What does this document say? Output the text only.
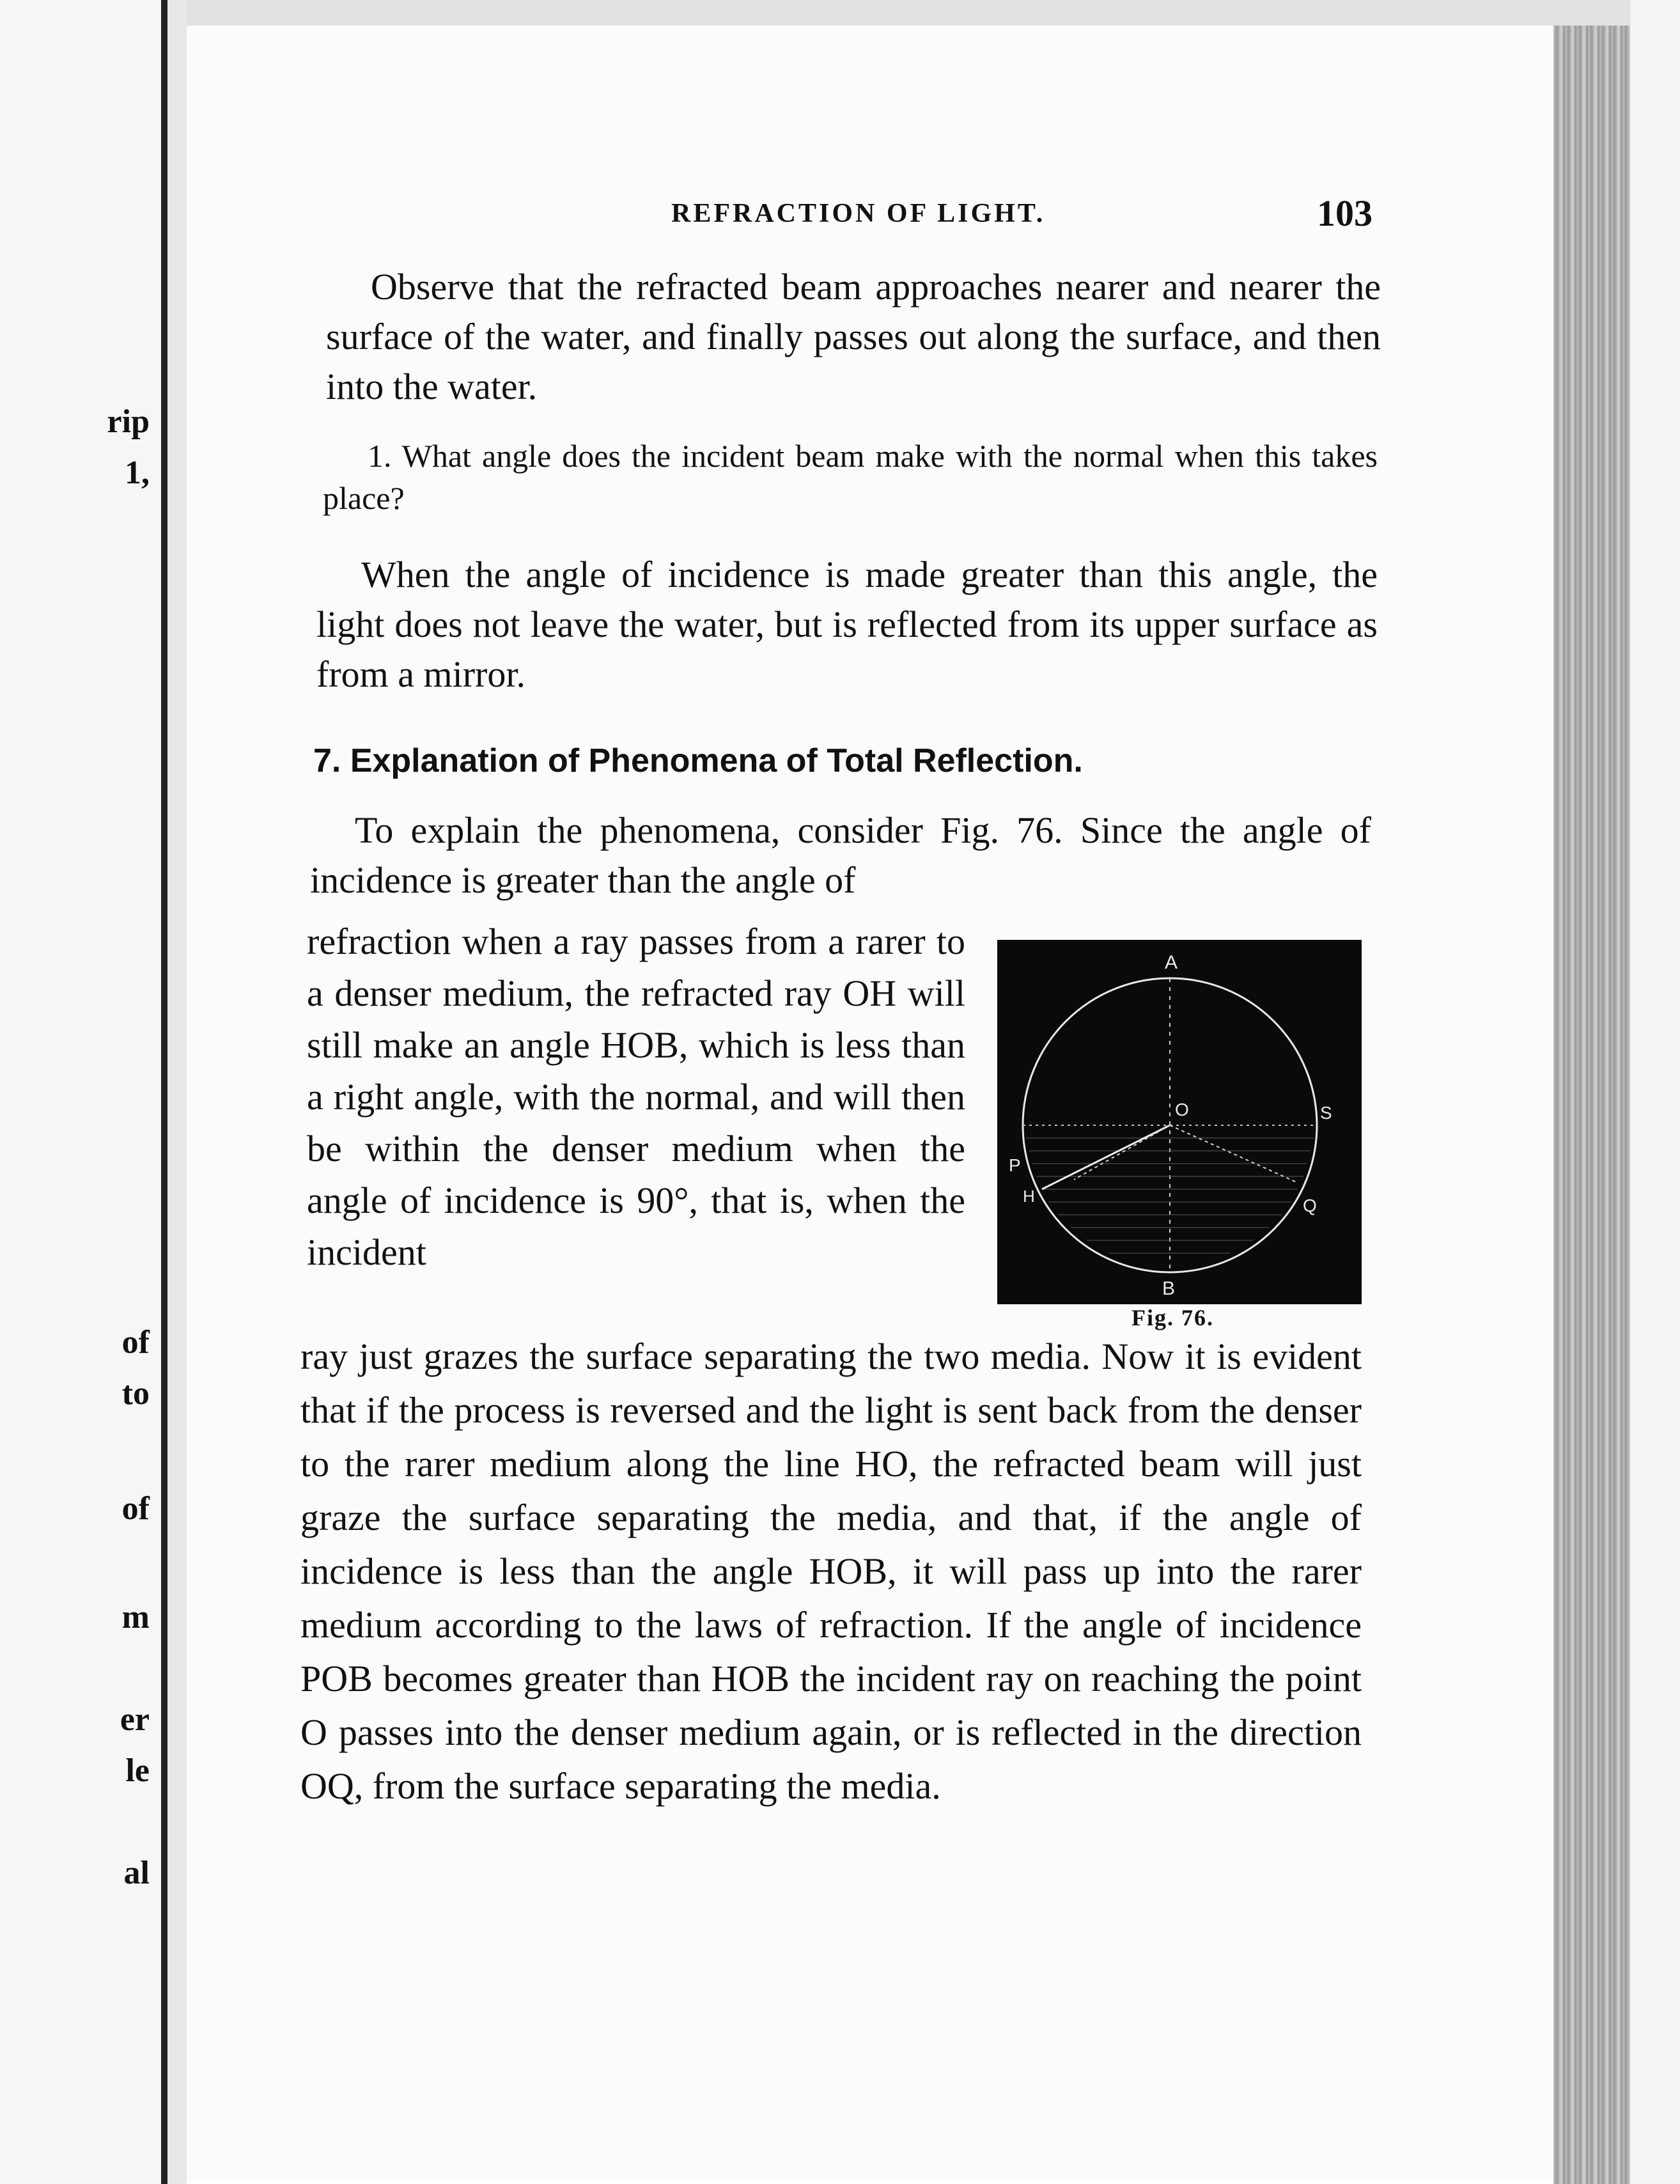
rip
1,
of
to
of
m
er
le
al
REFRACTION OF LIGHT.	103
Observe that the refracted beam approaches nearer and nearer the surface of the water, and finally passes out along the surface, and then into the water.
1. What angle does the incident beam make with the normal when this takes place?
When the angle of incidence is made greater than this angle, the light does not leave the water, but is reflected from its upper surface as from a mirror.
7. Explanation of Phenomena of Total Reflection.
To explain the phenomena, consider Fig. 76. Since the angle of incidence is greater than the angle of
refraction when a ray passes from a rarer to a denser medium, the refracted ray OH will still make an angle HOB, which is less than a right angle, with the normal, and will then be within the denser medium when the angle of incidence is 90°, that is, when the incident
A
B
O	S
P
H	Q
Fig. 76.
ray just grazes the surface separating the two media. Now it is evident that if the process is reversed and the light is sent back from the denser to the rarer medium along the line HO, the refracted beam will just graze the surface separating the media, and that, if the angle of incidence is less than the angle HOB, it will pass up into the rarer medium according to the laws of refraction. If the angle of incidence POB becomes greater than HOB the incident ray on reaching the point O passes into the denser medium again, or is reflected in the direction OQ, from the surface separating the media.
